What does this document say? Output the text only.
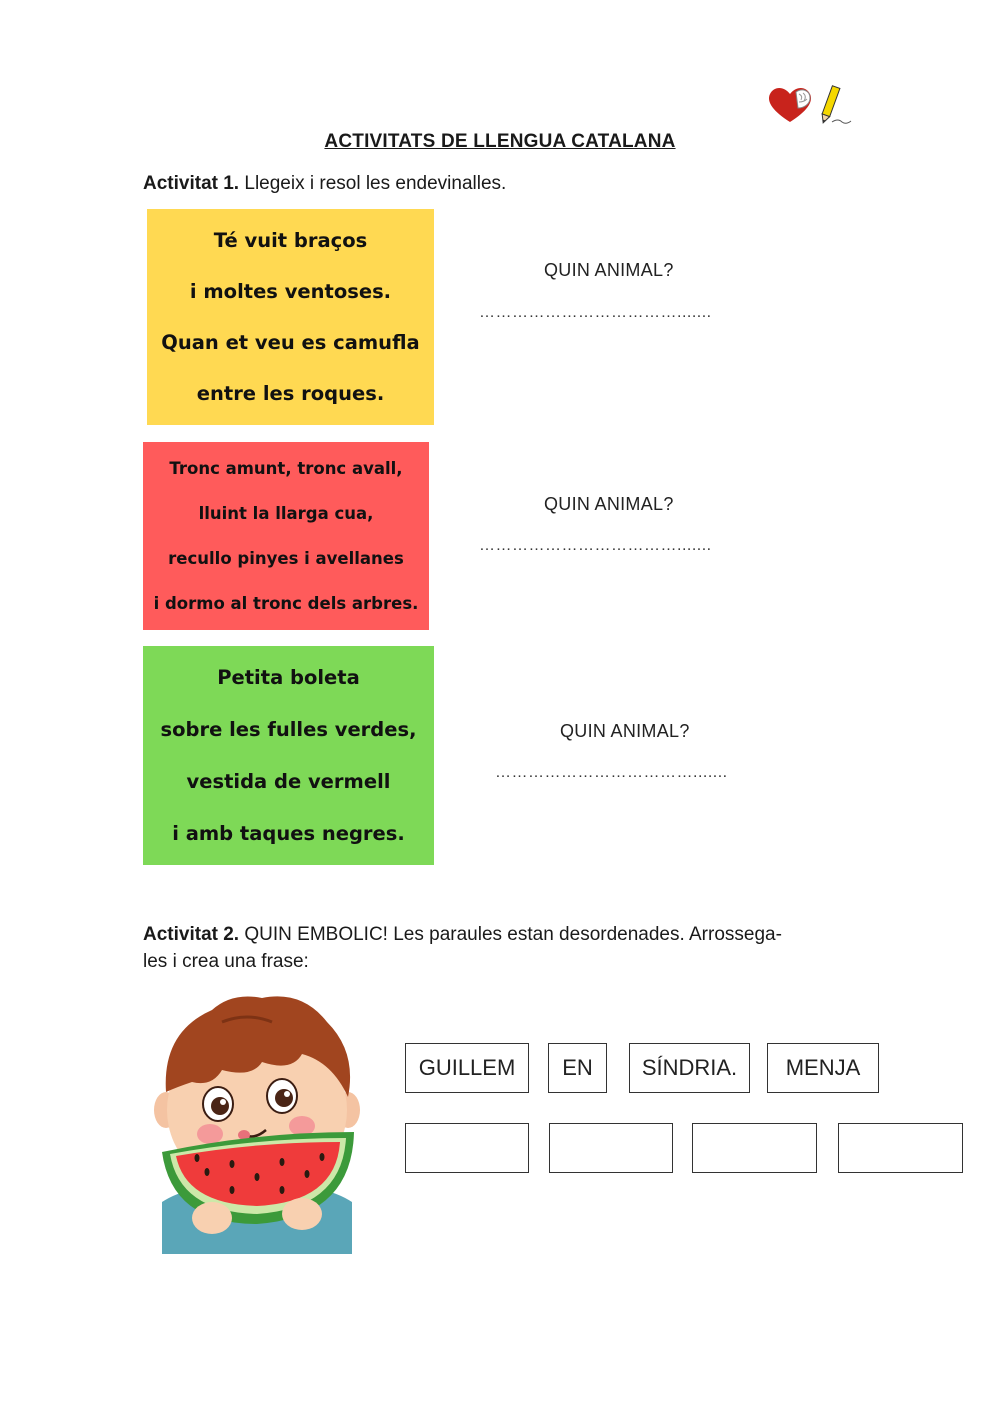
ACTIVITATS DE LLENGUA CATALANA
Activitat 1. Llegeix i resol les endevinalles.
Té vuit braços
i moltes ventoses.
Quan et veu es camufla
entre les roques.
QUIN ANIMAL?
……………………………….......
Tronc amunt, tronc avall,
lluint la llarga cua,
recullo pinyes i avellanes
i dormo al tronc dels arbres.
QUIN ANIMAL?
……………………………….......
Petita boleta
sobre les fulles verdes,
vestida de vermell
i amb taques negres.
QUIN ANIMAL?
……………………………….......
Activitat 2. QUIN EMBOLIC! Les paraules estan desordenades. Arrossega-
les i crea una frase:
GUILLEM	EN	SÍNDRIA.	MENJA
